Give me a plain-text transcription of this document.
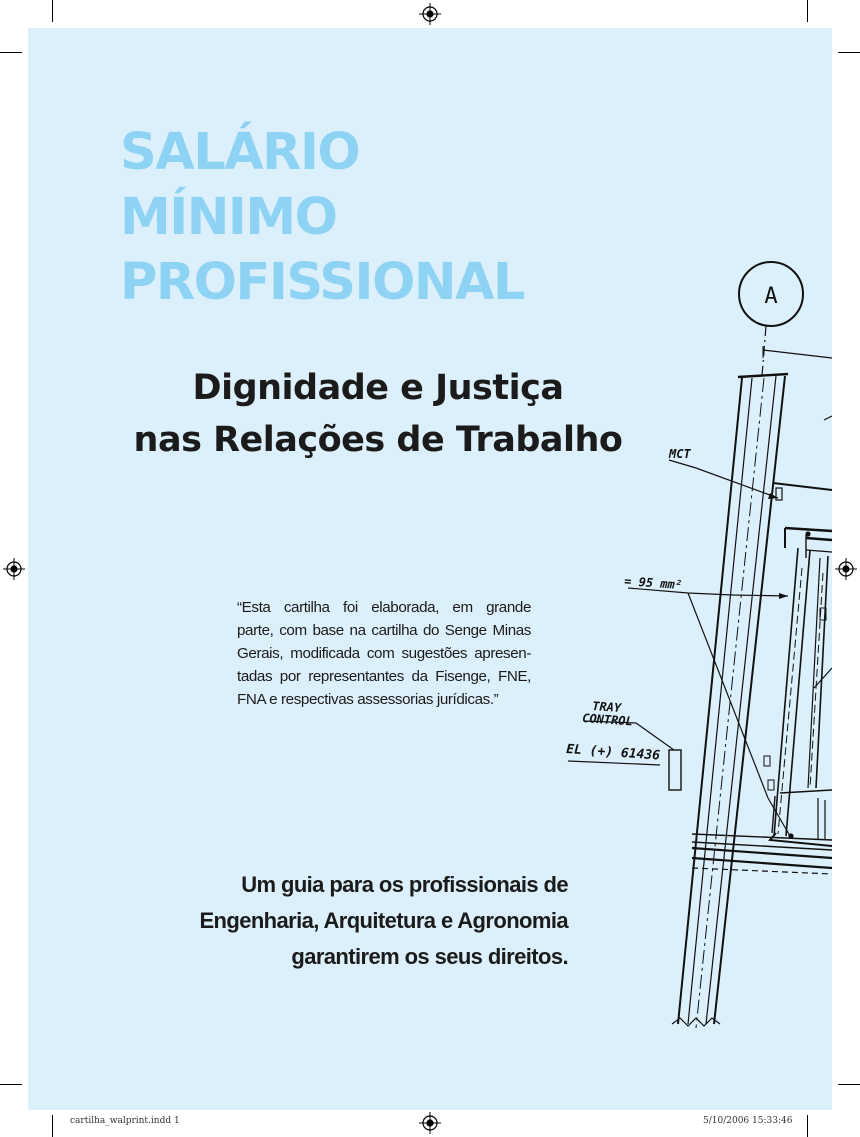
SALÁRIO
MÍNIMO
PROFISSIONAL
Dignidade e Justiça
nas Relações de Trabalho

“Esta cartilha foi elaborada, em grande
parte, com base na cartilha do Senge Minas
Gerais, modificada com sugestões apresen-
tadas por representantes da Fisenge, FNE,
FNA e respectivas assessorias jurídicas.”

Um guia para os profissionais de
Engenharia, Arquitetura e Agronomia
garantirem os seus direitos.

A
MCT
= 95 mm²
TRAY
CONTROL
EL (+) 61436
cartilha_walprint.indd 1	5/10/2006 15:33:46
